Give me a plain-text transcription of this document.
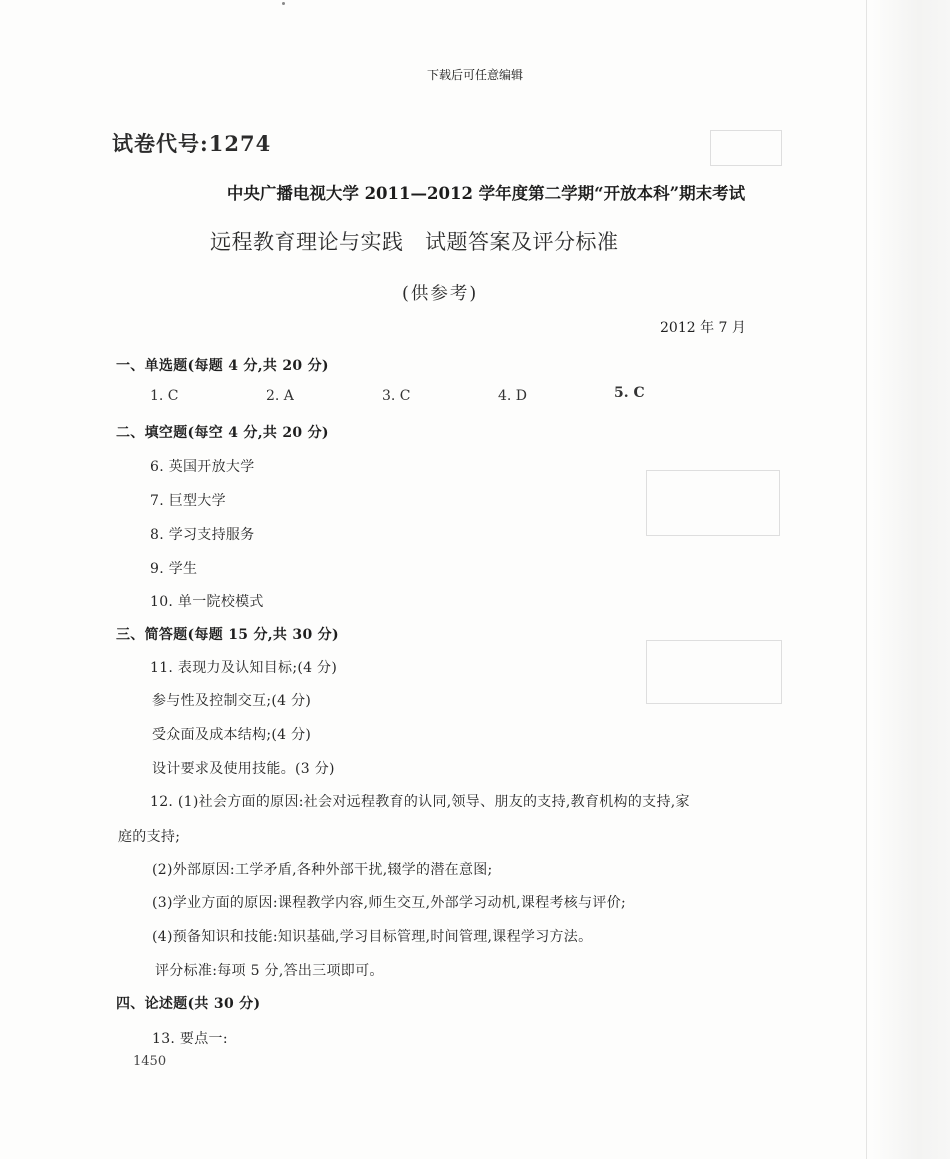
下载后可任意编辑
试卷代号:1274
中央广播电视大学 2011—2012 学年度第二学期“开放本科”期末考试
远程教育理论与实践　试题答案及评分标准
(供参考)
2012 年 7 月
一、单选题(每题 4 分,共 20 分)
1. C	2. A	3. C	4. D	5. C
二、填空题(每空 4 分,共 20 分)
6. 英国开放大学
7. 巨型大学
8. 学习支持服务
9. 学生
10. 单一院校模式
三、简答题(每题 15 分,共 30 分)
11. 表现力及认知目标;(4 分)
参与性及控制交互;(4 分)
受众面及成本结构;(4 分)
设计要求及使用技能。(3 分)
12. (1)社会方面的原因:社会对远程教育的认同,领导、朋友的支持,教育机构的支持,家
庭的支持;
(2)外部原因:工学矛盾,各种外部干扰,辍学的潜在意图;
(3)学业方面的原因:课程教学内容,师生交互,外部学习动机,课程考核与评价;
(4)预备知识和技能:知识基础,学习目标管理,时间管理,课程学习方法。
评分标准:每项 5 分,答出三项即可。
四、论述题(共 30 分)
13. 要点一:
1450
